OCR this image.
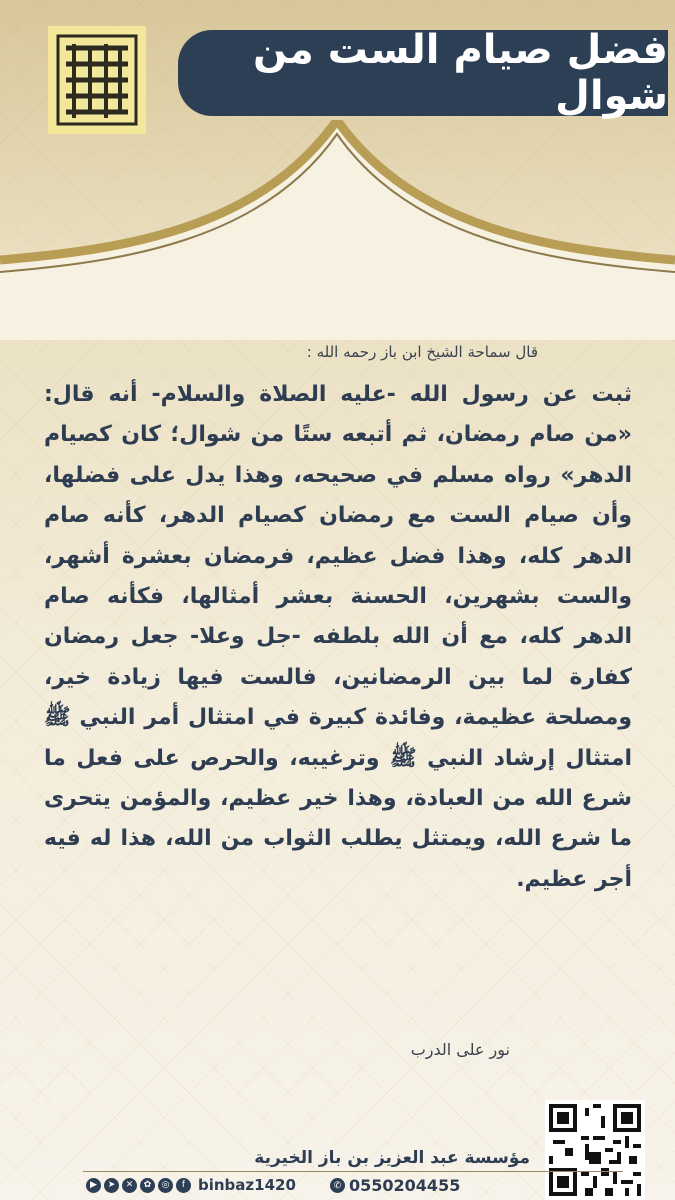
فضل صيام الست من شوال
قال سماحة الشيخ ابن باز رحمه الله :

ثبت عن رسول الله -عليه الصلاة والسلام- أنه قال: «من صام رمضان، ثم أتبعه ستًا من شوال؛ كان كصيام الدهر» رواه مسلم في صحيحه، وهذا يدل على فضلها، وأن صيام الست مع رمضان كصيام الدهر، كأنه صام الدهر كله، وهذا فضل عظيم، فرمضان بعشرة أشهر، والست بشهرين، الحسنة بعشر أمثالها، فكأنه صام الدهر كله، مع أن الله بلطفه -جل وعلا- جعل رمضان كفارة لما بين الرمضانين، فالست فيها زيادة خير، ومصلحة عظيمة، وفائدة كبيرة في امتثال أمر النبي ﷺ امتثال إرشاد النبي ﷺ وترغيبه، والحرص على فعل ما شرع الله من العبادة، وهذا خير عظيم، والمؤمن يتحرى ما شرع الله، ويمتثل يطلب الثواب من الله، هذا له فيه أجر عظيم.

نور على الدرب
مؤسسة عبد العزيز بن باز الخيرية
▶	➤	✕	✿	◎	f binbaz1420	✆ 0550204455
